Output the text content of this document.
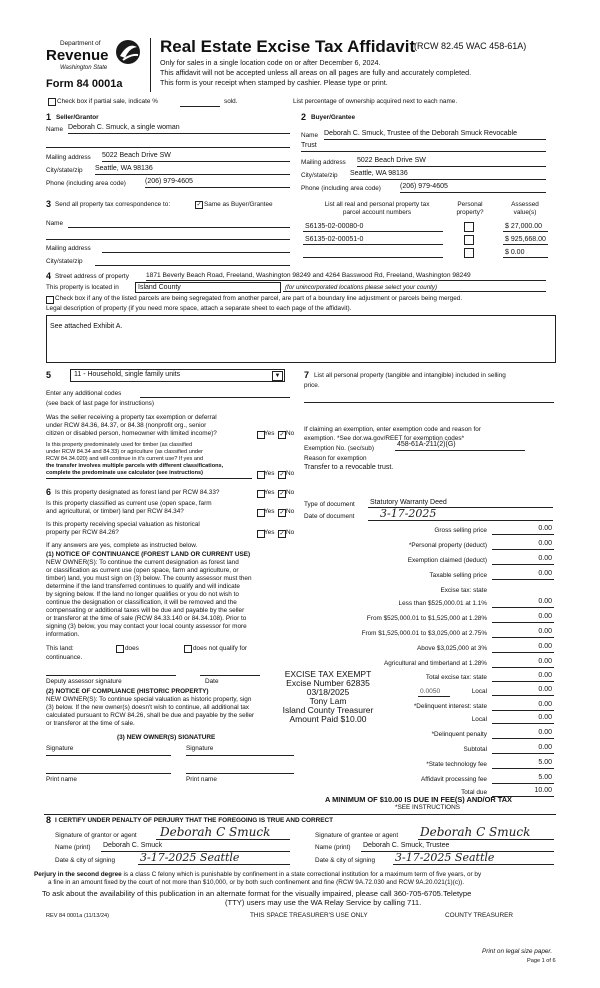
Department of
Revenue
Washington State
Form 84 0001a
Real Estate Excise Tax Affidavit
(RCW 82.45 WAC 458-61A)
Only for sales in a single location code on or after December 6, 2024.
This affidavit will not be accepted unless all areas on all pages are fully and accurately completed.
This form is your receipt when stamped by cashier. Please type or print.
Check box if partial sale, indicate %	sold.	List percentage of ownership acquired next to each name.
1 Seller/Grantor
Name Deborah C. Smuck, a single woman
Mailing address 5022 Beach Drive SW
City/state/zip Seattle, WA 98136
Phone (including area code)	(206) 979-4605
2 Buyer/Grantee
Name Deborah C. Smuck, Trustee of the Deborah Smuck Revocable
Trust
Mailing address 5022 Beach Drive SW
City/state/zip Seattle, WA 98136
Phone (including area code)	(206) 979-4605
3 Send all property tax correspondence to:	✓ Same as Buyer/Grantee
Name
Mailing address
City/state/zip
List all real and personal property tax
parcel account numbers
Personal
property?
Assessed
value(s)
S6135-02-00080-0	$ 27,000.00
S6135-02-00051-0	$ 925,668.00
$ 0.00
4 Street address of property	1871 Beverly Beach Road, Freeland, Washington 98249 and 4264 Basswood Rd, Freeland, Washington 98249
This property is located in	Island County	(for unincorporated locations please select your county)
Check box if any of the listed parcels are being segregated from another parcel, are part of a boundary line adjustment or parcels being merged.
Legal description of property (if you need more space, attach a separate sheet to each page of the affidavit).
See attached Exhibit A.
5	11 - Household, single family units	▼
Enter any additional codes
(see back of last page for instructions)
Was the seller receiving a property tax exemption or deferral
under RCW 84.36, 84.37, or 84.38 (nonprofit org., senior
citizen or disabled person, homeowner with limited income)?	Yes ✓ No
Is this property predominately used for timber (as classified
under RCW 84.34 and 84.33) or agriculture (as classified under
RCW 84.34.020) and will continue in it's current use? If yes and
the transfer involves multiple parcels with different classifications,
complete the predominate use calculator (see instructions)	Yes ✓ No
6 Is this property designated as forest land per RCW 84.33?	Yes ✓ No
Is this property classified as current use (open space, farm
and agricultural, or timber) land per RCW 84.34?	Yes ✓ No
Is this property receiving special valuation as historical
property per RCW 84.26?	Yes ✓ No
If any answers are yes, complete as instructed below.
(1) NOTICE OF CONTINUANCE (FOREST LAND OR CURRENT USE)
NEW OWNER(S): To continue the current designation as forest land
or classification as current use (open space, farm and agriculture, or
timber) land, you must sign on (3) below. The county assessor must then
determine if the land transferred continues to qualify and will indicate
by signing below. If the land no longer qualifies or you do not wish to
continue the designation or classification, it will be removed and the
compensating or additional taxes will be due and payable by the seller
or transferor at the time of sale (RCW 84.33.140 or 84.34.108). Prior to
signing (3) below, you may contact your local county assessor for more
information.
This land:	does	does not qualify for
continuance.
Deputy assessor signature	Date
(2) NOTICE OF COMPLIANCE (HISTORIC PROPERTY)
NEW OWNER(S): To continue special valuation as historic property, sign
(3) below. If the new owner(s) doesn't wish to continue, all additional tax
calculated pursuant to RCW 84.26, shall be due and payable by the seller
or transferor at the time of sale.
(3) NEW OWNER(S) SIGNATURE
Signature	Signature
Print name	Print name
7 List all personal property (tangible and intangible) included in selling
price.
If claiming an exemption, enter exemption code and reason for
exemption. *See dor.wa.gov/REET for exemption codes*
Exemption No. (sec/sub)
458-61A-211(2)(G)
Reason for exemption
Transfer to a revocable trust.
Type of document Statutory Warranty Deed
Date of document 3-17-2025
Gross selling price	0.00
*Personal property (deduct)	0.00
Exemption claimed (deduct)	0.00
Taxable selling price	0.00
Excise tax: state
Less than $525,000.01 at 1.1%	0.00
From $525,000.01 to $1,525,000 at 1.28%	0.00
From $1,525,000.01 to $3,025,000 at 2.75%	0.00
Above $3,025,000 at 3%	0.00
Agricultural and timberland at 1.28%	0.00
Total excise tax: state	0.00
Local	0.00
*Delinquent interest: state	0.00
Local	0.00
*Delinquent penalty	0.00
Subtotal	0.00
*State technology fee	5.00
Affidavit processing fee	5.00
Total due	10.00
0.0050
A MINIMUM OF $10.00 IS DUE IN FEE(S) AND/OR TAX
*SEE INSTRUCTIONS
EXCISE TAX EXEMPT
Excise Number 62835
03/18/2025
Tony Lam
Island County Treasurer
Amount Paid $10.00
8 I CERTIFY UNDER PENALTY OF PERJURY THAT THE FOREGOING IS TRUE AND CORRECT
Signature of grantor or agent Deborah C Smuck
Name (print) Deborah C. Smuck
Date & city of signing 3-17-2025 Seattle
Signature of grantee or agent Deborah C Smuck
Name (print) Deborah C. Smuck, Trustee
Date & city of signing 3-17-2025 Seattle
Perjury in the second degree is a class C felony which is punishable by confinement in a state correctional institution for a maximum term of five years, or by
a fine in an amount fixed by the court of not more than $10,000, or by both such confinement and fine (RCW 9A.72.030 and RCW 9A.20.021(1)(c)).
To ask about the availability of this publication in an alternate format for the visually impaired, please call 360-705-6705.Teletype
(TTY) users may use the WA Relay Service by calling 711.
REV 84 0001a (11/13/24)	THIS SPACE TREASURER'S USE ONLY	COUNTY TREASURER
Print on legal size paper.
Page 1 of 6
